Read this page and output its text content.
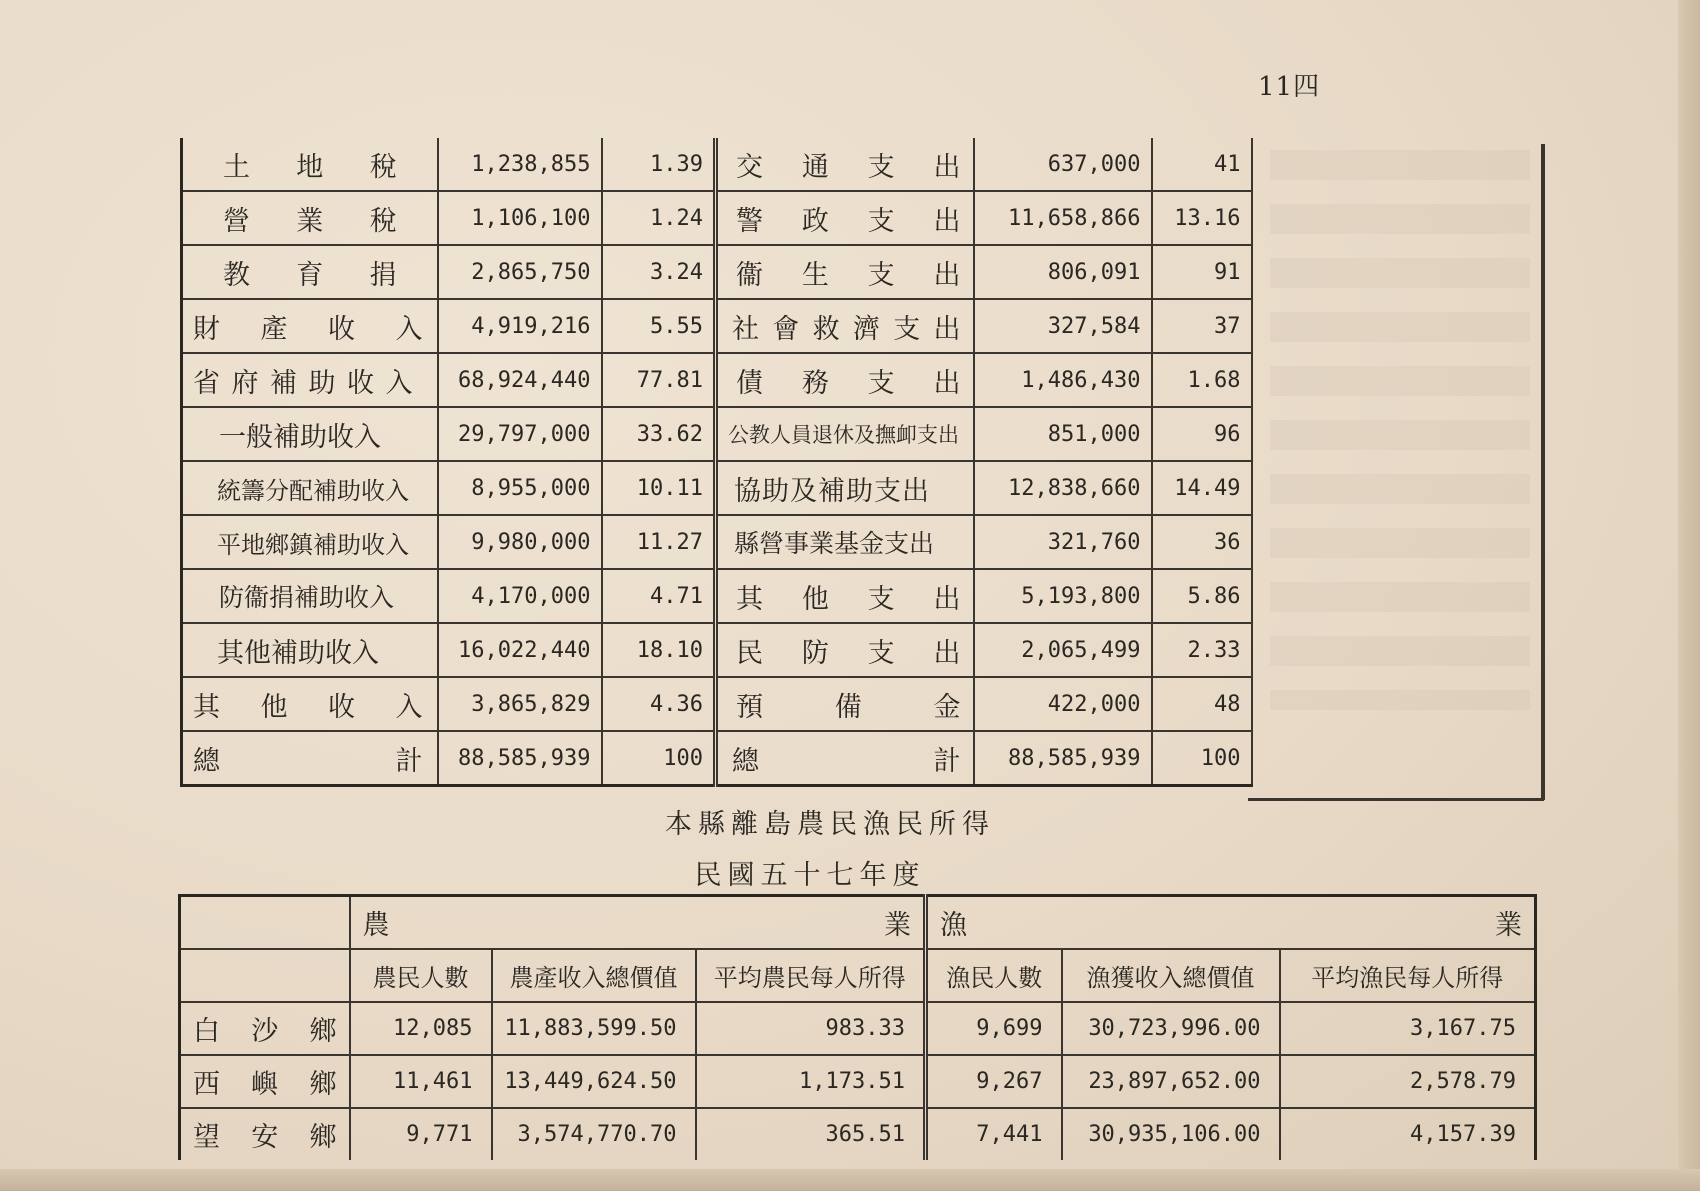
11四
土地稅	1,238,855	1.39	交通支出	637,000	41
營業稅	1,106,100	1.24	警政支出	11,658,866	13.16
教育捐	2,865,750	3.24	衞生支出	806,091	91
財產收入	4,919,216	5.55	社會救濟支出	327,584	37
省府補助收入	68,924,440	77.81	債務支出	1,486,430	1.68
一般補助收入	29,797,000	33.62	公教人員退休及撫卹支出	851,000	96
統籌分配補助收入	8,955,000	10.11	協助及補助支出	12,838,660	14.49
平地鄉鎮補助收入	9,980,000	11.27	縣營事業基金支出	321,760	36
防衞捐補助收入	4,170,000	4.71	其他支出	5,193,800	5.86
其他補助收入	16,022,440	18.10	民防支出	2,065,499	2.33
其他收入	3,865,829	4.36	預備金	422,000	48
總計	88,585,939	100	總計	88,585,939	100
本縣離島農民漁民所得
民國五十七年度

	農 業			漁 業		

	農民人數	農產收入總價值	平均農民每人所得	漁民人數	漁獲收入總價值	平均漁民每人所得
白沙鄉	12,085	11,883,599.50	983.33	9,699	30,723,996.00	3,167.75
西嶼鄉	11,461	13,449,624.50	1,173.51	9,267	23,897,652.00	2,578.79
望安鄉	9,771	3,574,770.70	365.51	7,441	30,935,106.00	4,157.39
